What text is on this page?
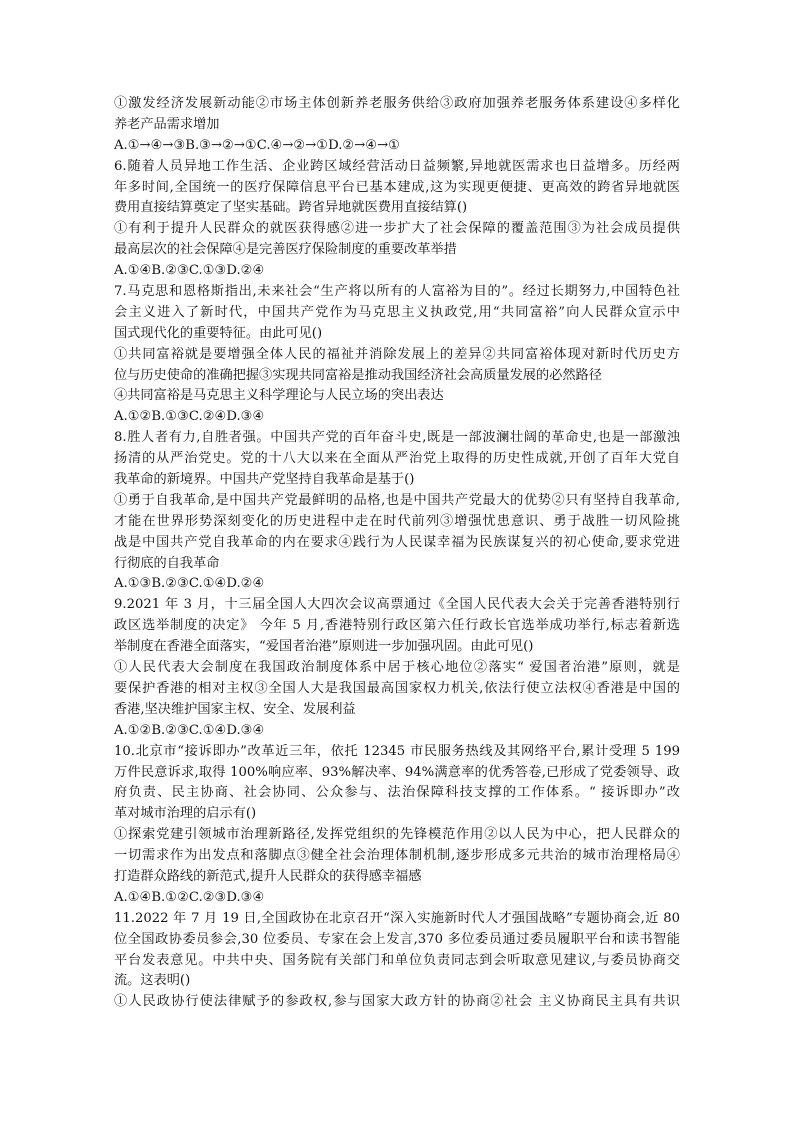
①激发经济发展新动能②市场主体创新养老服务供给③政府加强养老服务体系建设④多样化
养老产品需求增加
A.①→④→③B.③→②→①C.④→②→①D.②→④→①
6.随着人员异地工作生活、企业跨区域经营活动日益频繁,异地就医需求也日益增多。历经两
年多时间,全国统一的医疗保障信息平台已基本建成,这为实现更便捷、更高效的跨省异地就医
费用直接结算奠定了坚实基础。跨省异地就医费用直接结算()
①有利于提升人民群众的就医获得感②进一步扩大了社会保障的覆盖范围③为社会成员提供
最高层次的社会保障④是完善医疗保险制度的重要改革举措
A.①④B.②③C.①③D.②④
7.马克思和恩格斯指出,未来社会“生产将以所有的人富裕为目的”。经过长期努力,中国特色社
会主义进入了新时代，中国共产党作为马克思主义执政党,用“共同富裕”向人民群众宣示中
国式现代化的重要特征。由此可见()
①共同富裕就是要增强全体人民的福祉并消除发展上的差异②共同富裕体现对新时代历史方
位与历史使命的准确把握③实现共同富裕是推动我国经济社会高质量发展的必然路径
④共同富裕是马克思主义科学理论与人民立场的突出表达
A.①②B.①③C.②④D.③④
8.胜人者有力,自胜者强。中国共产党的百年奋斗史,既是一部波澜壮阔的革命史,也是一部激浊
扬清的从严治党史。党的十八大以来在全面从严治党上取得的历史性成就,开创了百年大党自
我革命的新境界。中国共产党坚持自我革命是基于()
①勇于自我革命,是中国共产党最鲜明的品格,也是中国共产党最大的优势②只有坚持自我革命,
才能在世界形势深刻变化的历史进程中走在时代前列③增强忧患意识、勇于战胜一切风险挑
战是中国共产党自我革命的内在要求④践行为人民谋幸福为民族谋复兴的初心使命,要求党进
行彻底的自我革命
A.①③B.②③C.①④D.②④
9.2021 年 3 月，十三届全国人大四次会议高票通过《全国人民代表大会关于完善香港特别行
政区选举制度的决定》 今年 5 月,香港特别行政区第六任行政长官选举成功举行,标志着新选
举制度在香港全面落实，“爱国者治港”原则进一步加强巩固。由此可见()
①人民代表大会制度在我国政治制度体系中居于核心地位②落实“ 爱国者治港”原则，就是
要保护香港的相对主权③全国人大是我国最高国家权力机关,依法行使立法权④香港是中国的
香港,坚决维护国家主权、安全、发展利益
A.①②B.②③C.①④D.③④
10.北京市“接诉即办”改革近三年，依托 12345 市民服务热线及其网络平台,累计受理 5 199
万件民意诉求,取得 100%响应率、93%解决率、94%满意率的优秀答卷,已形成了党委领导、政
府负责、民主协商、社会协同、公众参与、法治保障科技支撑的工作体系。“ 接诉即办”改
革对城市治理的启示有()
①探索党建引领城市治理新路径,发挥党组织的先锋模范作用②以人民为中心，把人民群众的
一切需求作为出发点和落脚点③健全社会治理体制机制,逐步形成多元共治的城市治理格局④
打造群众路线的新范式,提升人民群众的获得感幸福感
A.①④B.①②C.②③D.③④
11.2022 年 7 月 19 日,全国政协在北京召开“深入实施新时代人才强国战略”专题协商会,近 80
位全国政协委员参会,30 位委员、专家在会上发言,370 多位委员通过委员履职平台和读书智能
平台发表意见。中共中央、国务院有关部门和单位负责同志到会听取意见建议,与委员协商交
流。这表明()
①人民政协行使法律赋予的参政权,参与国家大政方针的协商②社会 主义协商民主具有共识
